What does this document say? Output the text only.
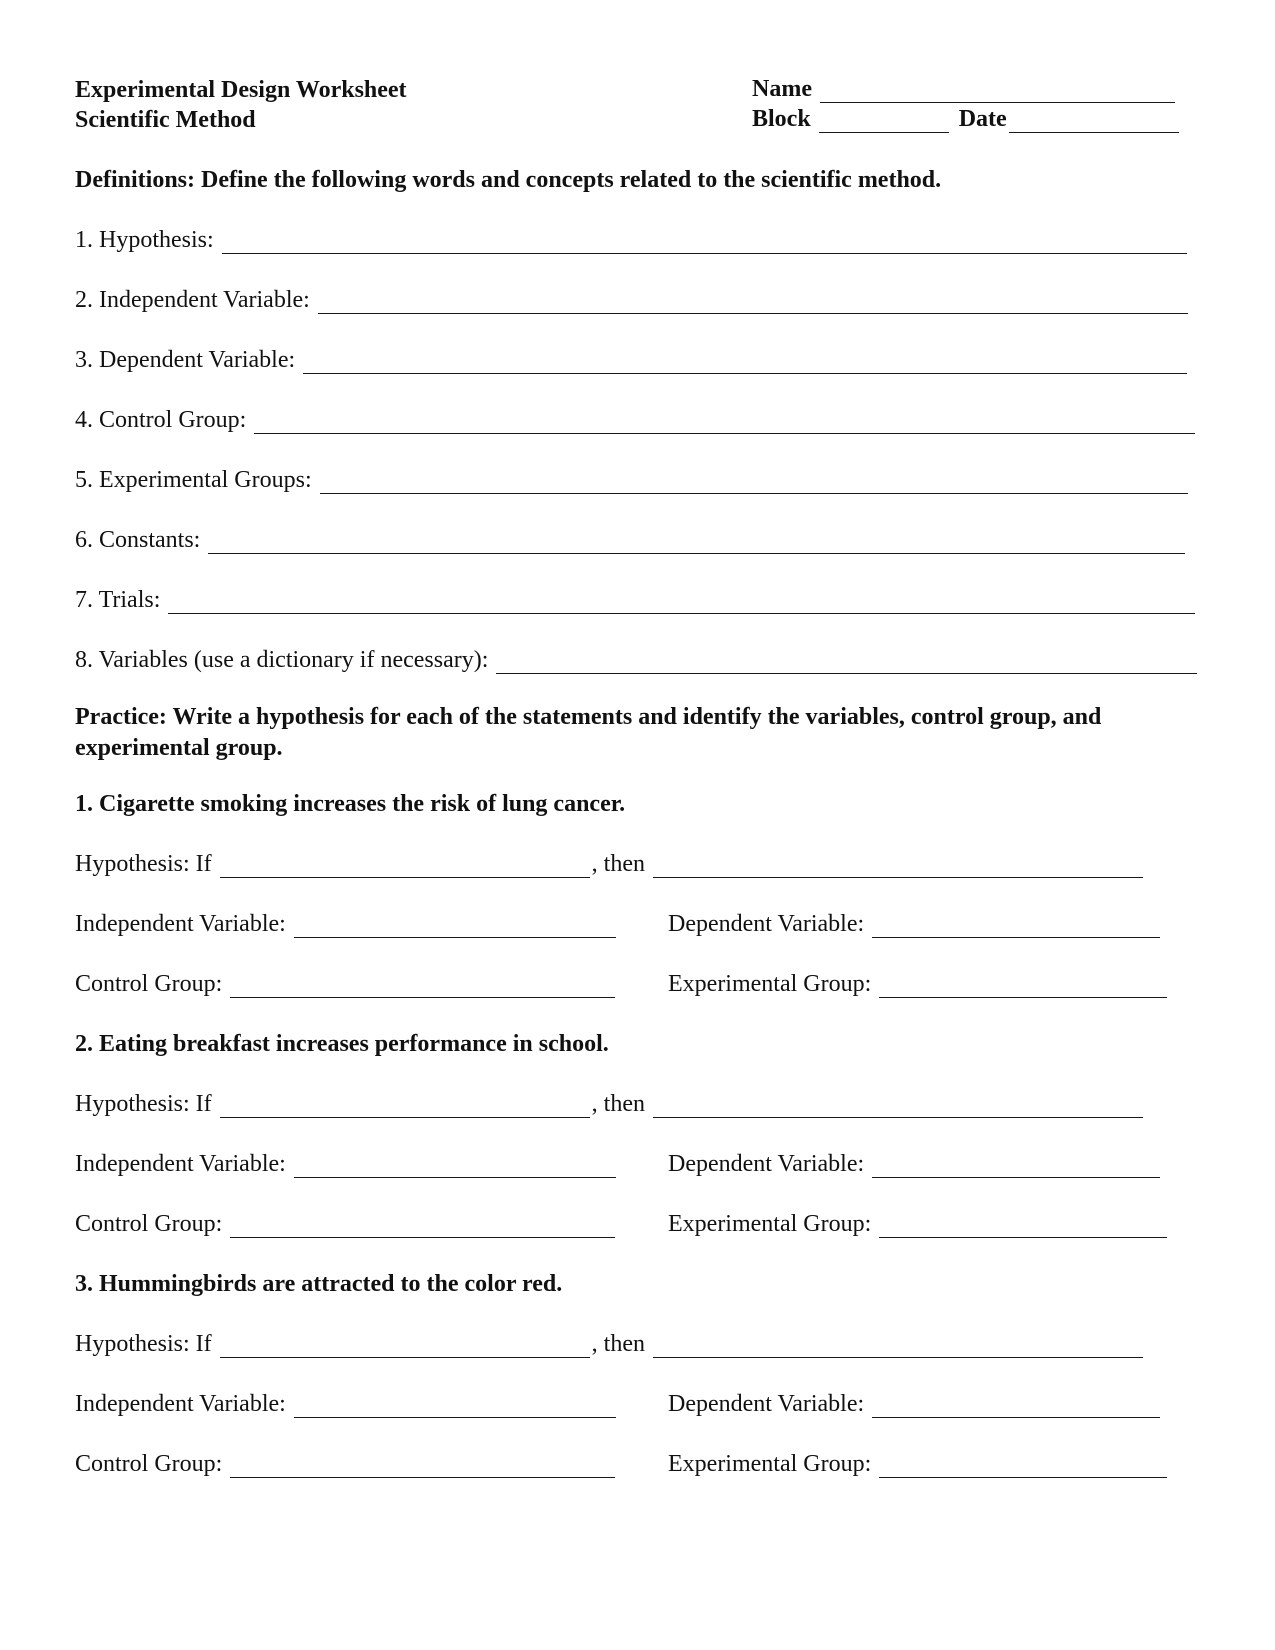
Experimental Design Worksheet
Scientific Method
Name
Block	Date
Definitions: Define the following words and concepts related to the scientific method.
1. Hypothesis:
2. Independent Variable:
3. Dependent Variable:
4. Control Group:
5. Experimental Groups:
6. Constants:
7. Trials:
8. Variables (use a dictionary if necessary):
Practice: Write a hypothesis for each of the statements and identify the variables, control group, and experimental group.
1. Cigarette smoking increases the risk of lung cancer.
Hypothesis: If	, then
Independent Variable:	Dependent Variable:
Control Group:	Experimental Group:
2. Eating breakfast increases performance in school.
Hypothesis: If	, then
Independent Variable:	Dependent Variable:
Control Group:	Experimental Group:
3. Hummingbirds are attracted to the color red.
Hypothesis: If	, then
Independent Variable:	Dependent Variable:
Control Group:	Experimental Group:
